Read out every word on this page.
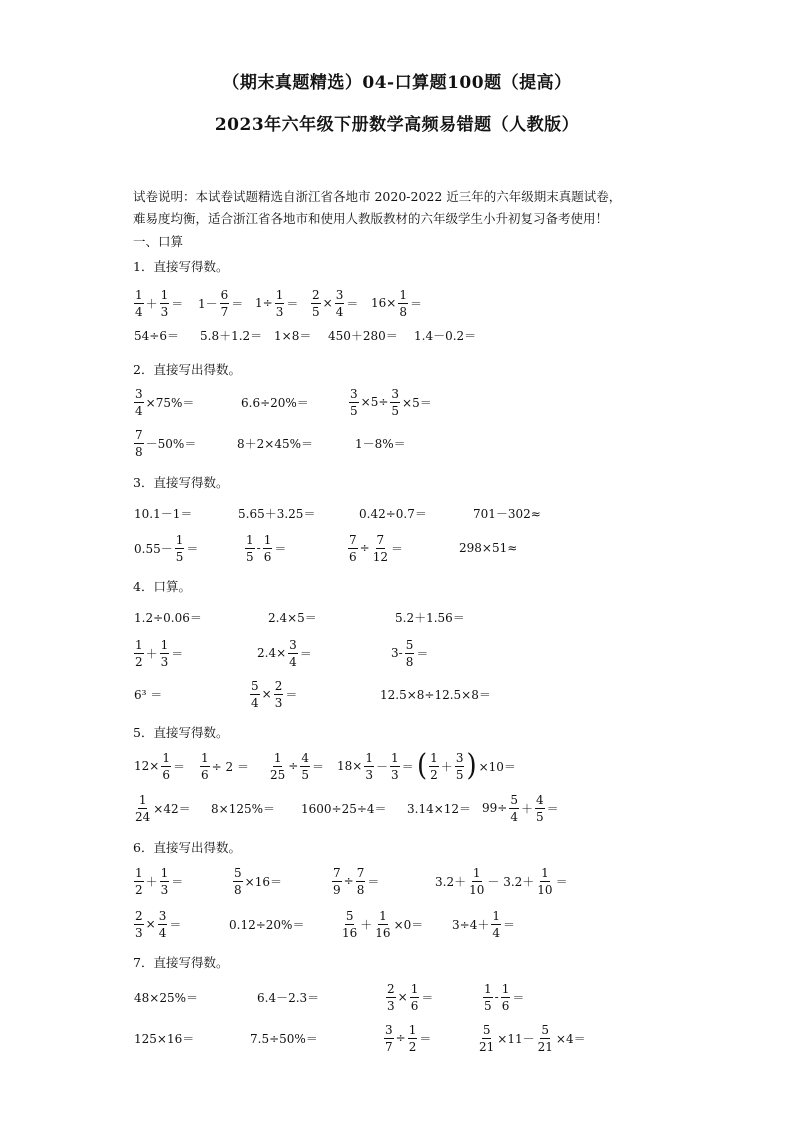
（期末真题精选）04-口算题100题（提高）
2023年六年级下册数学高频易错题（人教版）
试卷说明：本试卷试题精选自浙江省各地市 2020-2022 近三年的六年级期末真题试卷，
难易度均衡，适合浙江省各地市和使用人教版教材的六年级学生小升初复习备考使用！
一、口算
1．直接写得数。
2．直接写出得数。
3．直接写得数。
4．口算。
5．直接写得数。
6．直接写出得数。
7．直接写得数。
$\frac{1}{4} + \frac{1}{3} = 1- \frac{6}{7} = 1\div \frac{1}{3} = \frac{2}{5} \times \frac{3}{4} = 16\times \frac{1}{8}$ ＝
54÷6＝ 5.8＋1.2＝ 1×8＝ 450＋280＝ 1.4－0.2＝
$\frac{3}{4} \times 75\%=$	6.6÷20%＝	$\frac{3}{5} \times 5\div \frac{3}{5} \times 5=$
$\frac{7}{8} -50\%=$	8＋2×45%＝	1－8%＝
10.1－1＝	5.65＋3.25＝	0.42÷0.7＝	701－302≈
$0.55- \frac{1}{5}$ ＝	$\frac{1}{5} - \frac{1}{6}$ ＝	$\frac{7}{6} \div \frac{7}{12}$ ＝	298×51≈
1.2÷0.06＝	2.4×5＝	5.2＋1.56＝
$\frac{1}{2} + \frac{1}{3}$ ＝	$2.4\times \frac{3}{4}$ ＝	$3- \frac{5}{8}$ ＝
6³ ＝	$\frac{5}{4} \times \frac{2}{3}$ ＝	12.5×8÷12.5×8＝
$12\times \frac{1}{6} = \frac{1}{6} \div 2 = \frac{1}{25} \div \frac{4}{5} = 18\times \frac{1}{3} - \frac{1}{3}$ ＝ ( $\frac{1}{2} + \frac{3}{5}$ ) ×10＝
$\frac{1}{24} \times 42= 8\times 125\%= 1600\div 25\div 4= 3.14\times 12= 99\div \frac{5}{4} + \frac{4}{5}$ ＝
$\frac{1}{2} + \frac{1}{3}$ ＝	$\frac{5}{8} \times 16=$	$\frac{7}{9} \div \frac{7}{8}$ ＝	$3.2+ \frac{1}{10} - 3.2+ \frac{1}{10}$ ＝
$\frac{2}{3} \times \frac{3}{4}$ ＝	0.12÷20%＝	$\frac{5}{16} + \frac{1}{16} \times 0= 3\div 4+ \frac{1}{4}$ ＝
48×25%＝	6.4－2.3＝	$\frac{2}{3} \times \frac{1}{6}$ ＝	$\frac{1}{5} - \frac{1}{6}$ ＝
125×16＝	7.5÷50%＝	$\frac{3}{7} \div \frac{1}{2}$ ＝	$\frac{5}{21} \times 11- \frac{5}{21} \times 4=$
